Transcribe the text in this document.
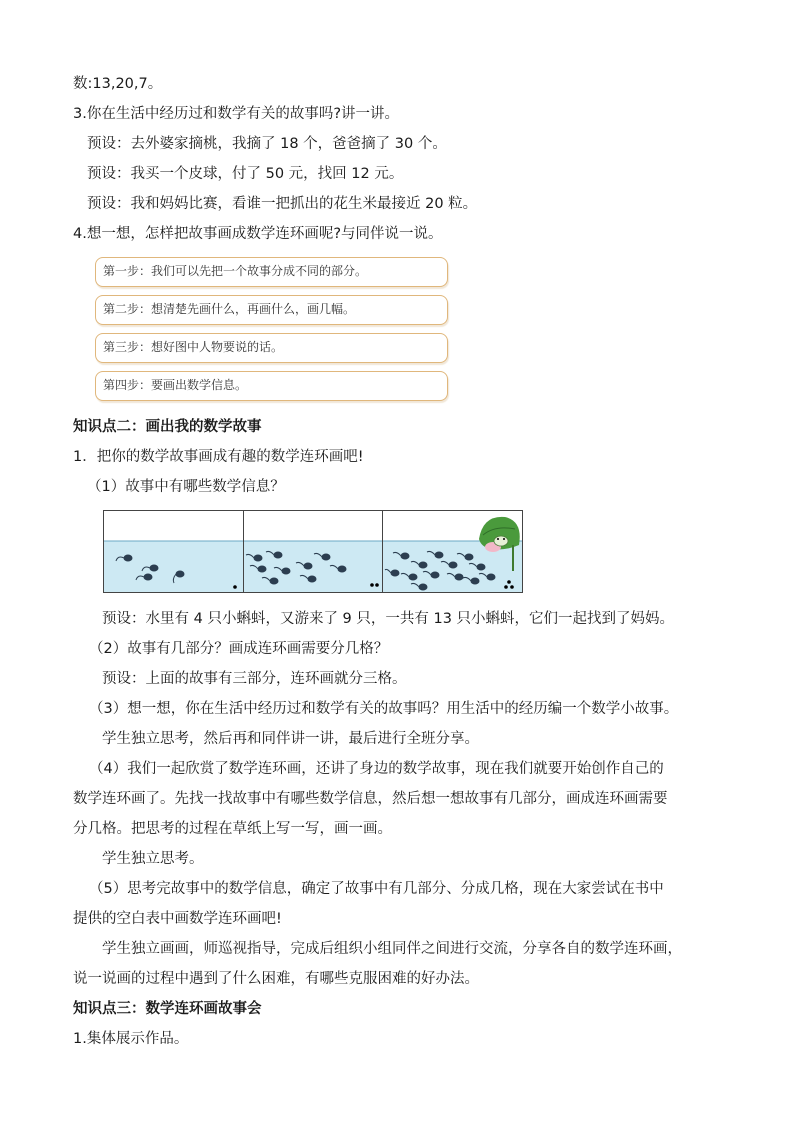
数:13,20,7。
3.你在生活中经历过和数学有关的故事吗?讲一讲。
预设：去外婆家摘桃，我摘了 18 个，爸爸摘了 30 个。
预设：我买一个皮球，付了 50 元，找回 12 元。
预设：我和妈妈比赛，看谁一把抓出的花生米最接近 20 粒。
4.想一想，怎样把故事画成数学连环画呢?与同伴说一说。
第一步：我们可以先把一个故事分成不同的部分。
第二步：想清楚先画什么，再画什么，画几幅。
第三步：想好图中人物要说的话。
第四步：要画出数学信息。
知识点二：画出我的数学故事
1．把你的数学故事画成有趣的数学连环画吧!
（1）故事中有哪些数学信息？
预设：水里有 4 只小蝌蚪，又游来了 9 只，一共有 13 只小蝌蚪，它们一起找到了妈妈。
（2）故事有几部分？画成连环画需要分几格？
预设：上面的故事有三部分，连环画就分三格。
（3）想一想，你在生活中经历过和数学有关的故事吗？用生活中的经历编一个数学小故事。
学生独立思考，然后再和同伴讲一讲，最后进行全班分享。
（4）我们一起欣赏了数学连环画，还讲了身边的数学故事，现在我们就要开始创作自己的
数学连环画了。先找一找故事中有哪些数学信息，然后想一想故事有几部分，画成连环画需要
分几格。把思考的过程在草纸上写一写，画一画。
学生独立思考。
（5）思考完故事中的数学信息，确定了故事中有几部分、分成几格，现在大家尝试在书中
提供的空白表中画数学连环画吧!
学生独立画画，师巡视指导，完成后组织小组同伴之间进行交流，分享各自的数学连环画，
说一说画的过程中遇到了什么困难，有哪些克服困难的好办法。
知识点三：数学连环画故事会
1.集体展示作品。
